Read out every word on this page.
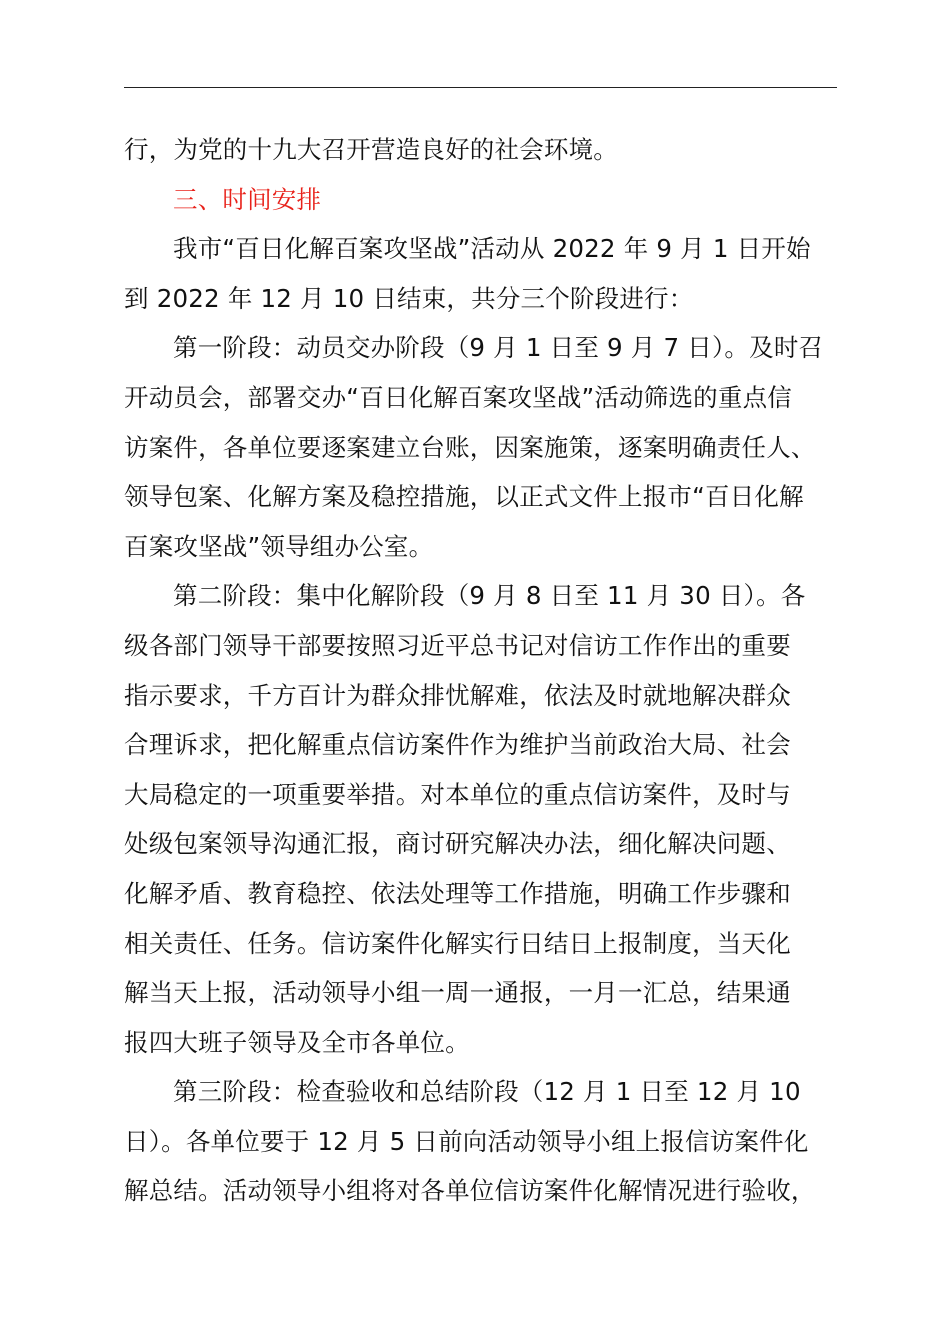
行，为党的十九大召开营造良好的社会环境。
三、时间安排
我市“百日化解百案攻坚战”活动从 2022 年 9 月 1 日开始
到 2022 年 12 月 10 日结束，共分三个阶段进行：
第一阶段：动员交办阶段（9 月 1 日至 9 月 7 日）。及时召
开动员会，部署交办“百日化解百案攻坚战”活动筛选的重点信
访案件，各单位要逐案建立台账，因案施策，逐案明确责任人、
领导包案、化解方案及稳控措施，以正式文件上报市“百日化解
百案攻坚战”领导组办公室。
第二阶段：集中化解阶段（9 月 8 日至 11 月 30 日）。各
级各部门领导干部要按照习近平总书记对信访工作作出的重要
指示要求，千方百计为群众排忧解难，依法及时就地解决群众
合理诉求，把化解重点信访案件作为维护当前政治大局、社会
大局稳定的一项重要举措。对本单位的重点信访案件，及时与
处级包案领导沟通汇报，商讨研究解决办法，细化解决问题、
化解矛盾、教育稳控、依法处理等工作措施，明确工作步骤和
相关责任、任务。信访案件化解实行日结日上报制度，当天化
解当天上报，活动领导小组一周一通报，一月一汇总，结果通
报四大班子领导及全市各单位。
第三阶段：检查验收和总结阶段（12 月 1 日至 12 月 10
日）。各单位要于 12 月 5 日前向活动领导小组上报信访案件化
解总结。活动领导小组将对各单位信访案件化解情况进行验收，
